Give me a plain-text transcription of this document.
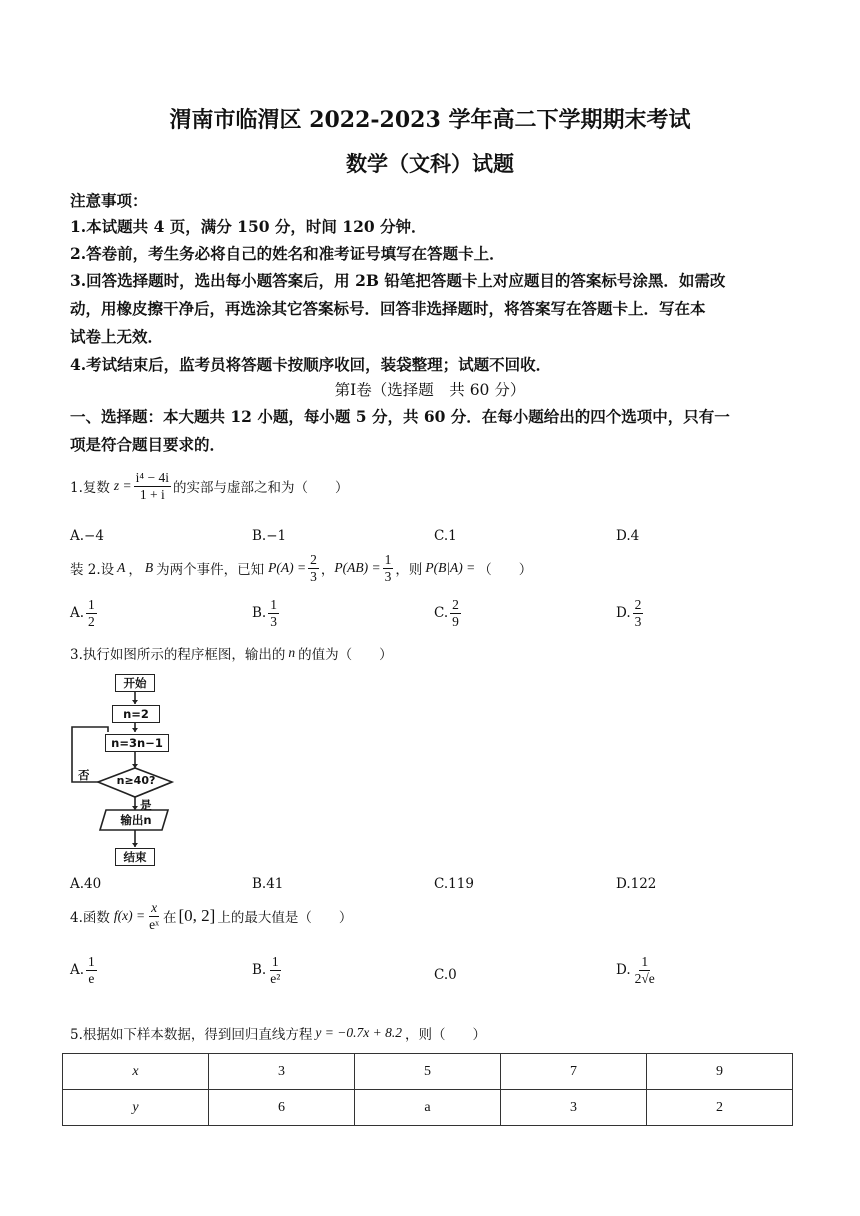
渭南市临渭区 2022-2023 学年高二下学期期末考试
数学（文科）试题
注意事项：
1.本试题共 4 页，满分 150 分，时间 120 分钟．
2.答卷前，考生务必将自己的姓名和准考证号填写在答题卡上．
3.回答选择题时，选出每小题答案后，用 2B 铅笔把答题卡上对应题目的答案标号涂黑．如需改
动，用橡皮擦干净后，再选涂其它答案标号．回答非选择题时，将答案写在答题卡上．写在本
试卷上无效．
4.考试结束后，监考员将答题卡按顺序收回，装袋整理；试题不回收．
第Ⅰ卷（选择题　共 60 分）
一、选择题：本大题共 12 小题，每小题 5 分，共 60 分．在每小题给出的四个选项中，只有一
项是符合题目要求的．
1.复数 $z = \frac{\text{i⁴ − 4i}}{1 + i}$ 的实部与虚部之和为（　　）
A.−4	B.−1	C.1	D.4
装 2.设 A ， B 为两个事件，已知 $P(A) = \frac{2}{3}$ ， $P(AB) = \frac{1}{3}$ ，则 P(B|A) = （　　）
A. $\frac{1}{2}$	B. $\frac{1}{3}$	C. $\frac{2}{9}$	D. $\frac{2}{3}$
3.执行如图所示的程序框图，输出的 n 的值为（　　）
开始
n=2
n=3n−1
n≥40?
否
是
输出n
结束
A.40	B.41	C.119	D.122
4.函数 $f(x) = \frac{x}{\text{eˣ}}$ 在 [0, 2] 上的最大值是（　　）
A. $\frac{1}{e}$	B. $\frac{1}{\text{e²}}$	C. 0	D. $\frac{1}{2√e}$
5.根据如下样本数据，得到回归直线方程 y = −0.7x + 8.2 ，则（　　）
x	3	5	7	9
y	6	a	3	2
